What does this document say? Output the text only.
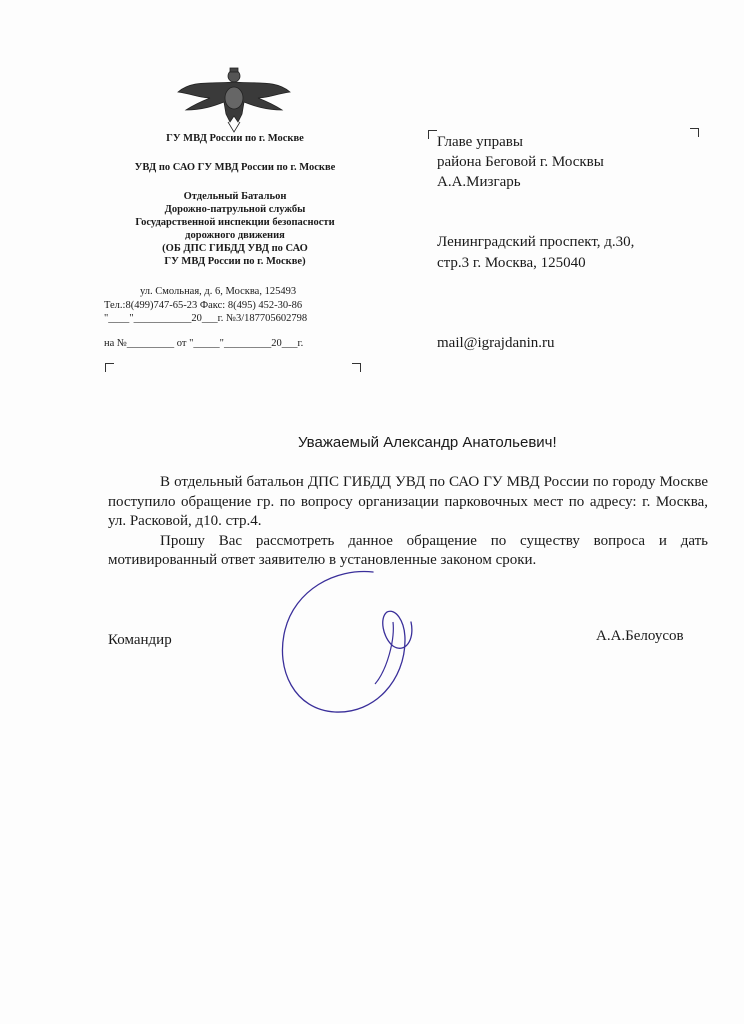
ГУ МВД России по г. Москве
УВД по САО ГУ МВД России по г. Москве
Отдельный Батальон
Дорожно-патрульной службы
Государственной инспекции безопасности
дорожного движения
(ОБ ДПС ГИБДД УВД по САО
ГУ МВД России по г. Москве)
ул. Смольная, д. 6, Москва, 125493
Тел.:8(499)747-65-23 Факс: 8(495) 452-30-86
"____"___________20___г. №3/187705602798
на №_________ от "_____"_________20___г.

Главе управы

района Беговой г. Москвы

А.А.Мизгарь

Ленинградский проспект, д.30,
стр.3 г. Москва, 125040
mail@igrajdanin.ru
Уважаемый Александр Анатольевич!

В отдельный батальон ДПС ГИБДД УВД по САО ГУ МВД России по городу Москве поступило обращение гр. по вопросу организации парковочных мест по адресу: г. Москва, ул. Расковой, д10. стр.4.

Прошу Вас рассмотреть данное обращение по существу вопроса и дать мотивированный ответ заявителю в установленные законом сроки.

Командир	А.А.Белоусов
